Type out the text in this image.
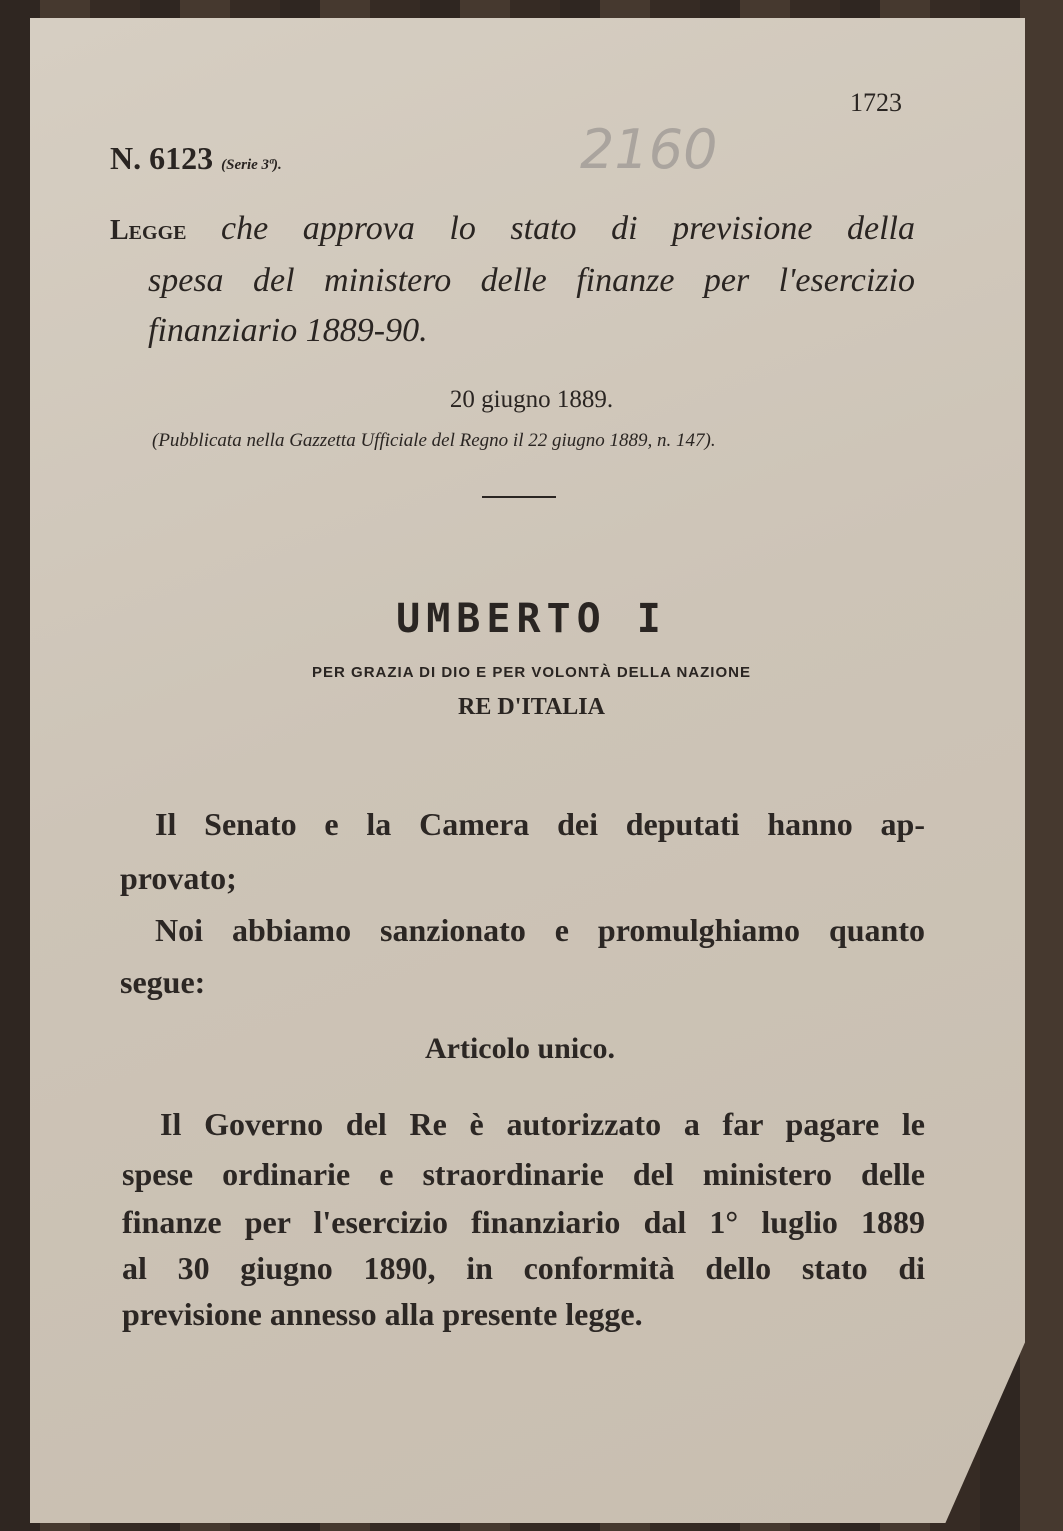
1723
2160
N. 6123 (Serie 3ª).
Legge che approva lo stato di previsione della
spesa del ministero delle finanze per l'esercizio
finanziario 1889-90.
20 giugno 1889.
(Pubblicata nella Gazzetta Ufficiale del Regno il 22 giugno 1889, n. 147).
UMBERTO I
PER GRAZIA DI DIO E PER VOLONTÀ DELLA NAZIONE
RE D'ITALIA
Il Senato e la Camera dei deputati hanno ap-
provato;
Noi abbiamo sanzionato e promulghiamo quanto
segue:
Articolo unico.
Il Governo del Re è autorizzato a far pagare le
spese ordinarie e straordinarie del ministero delle
finanze per l'esercizio finanziario dal 1° luglio 1889
al 30 giugno 1890, in conformità dello stato di
previsione annesso alla presente legge.
